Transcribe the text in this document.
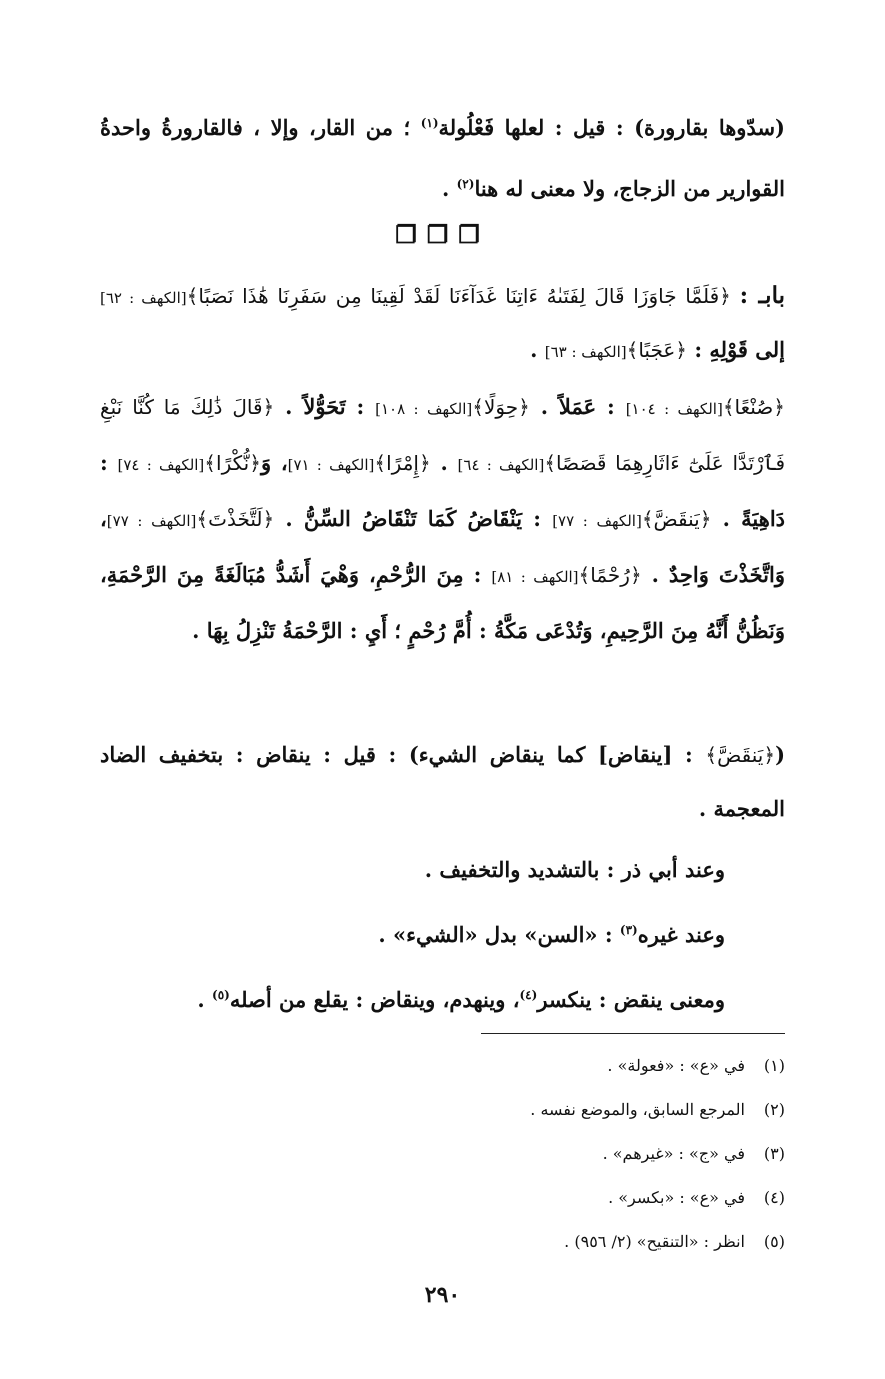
(سدّوها بقارورة) : قيل : لعلها فَعْلُولة$^{(١)}$ ؛ من القار، وإلا ، فالقارورةُ واحدةُ القوارير من الزجاج، ولا معنى له هنا$^{(٢)}$ .
❐❐❐
بابـ : ﴿فَلَمَّا جَاوَزَا قَالَ لِفَتَىٰهُ ءَاتِنَا غَدَآءَنَا لَقَدْ لَقِينَا مِن سَفَرِنَا هَٰذَا نَصَبًا﴾[الكهف : ٦٢] إلى قَوْلِهِ : ﴿عَجَبًا﴾[الكهف : ٦٣] .
﴿صُنْعًا﴾[الكهف : ١٠٤] : عَمَلاً . ﴿حِوَلًا﴾[الكهف : ١٠٨] : تَحَوُّلاً . ﴿قَالَ ذَٰلِكَ مَا كُنَّا نَبْغِ فَٱرْتَدَّا عَلَىٰٓ ءَاثَارِهِمَا قَصَصًا﴾[الكهف : ٦٤] . ﴿إِمْرًا﴾[الكهف : ٧١]، وَ﴿نُّكْرًا﴾[الكهف : ٧٤] : دَاهِيَةً . ﴿يَنقَضَّ﴾[الكهف : ٧٧] : يَنْقَاضُ كَمَا تَنْقَاضُ السِّنُّ . ﴿لَتَّخَذْتَ﴾[الكهف : ٧٧]، وَاتَّخَذْتَ وَاحِدٌ . ﴿رُحْمًا﴾[الكهف : ٨١] : مِنَ الرُّحْمِ، وَهْيَ أَشَدُّ مُبَالَغَةً مِنَ الرَّحْمَةِ، وَنَظُنُّ أَنَّهُ مِنَ الرَّحِيمِ، وَتُدْعَى مَكَّةُ : أُمَّ رُحْمٍ ؛ أَيِ : الرَّحْمَةُ تَنْزِلُ بِهَا .
(﴿يَنقَضَّ﴾ : [ينقاض] كما ينقاض الشيء) : قيل : ينقاض : بتخفيف الضاد المعجمة .
وعند أبي ذر : بالتشديد والتخفيف .
وعند غيره$^{(٣)}$ : «السن» بدل «الشيء» .
ومعنى ينقض : ينكسر$^{(٤)}$، وينهدم، وينقاض : يقلع من أصله$^{(٥)}$ .
(١)في «ع» : «فعولة» .
(٢)المرجع السابق، والموضع نفسه .
(٣)في «ج» : «غيرهم» .
(٤)في «ع» : «بكسر» .
(٥)انظر : «التنقيح» (٢/ ٩٥٦) .
٢٩٠
